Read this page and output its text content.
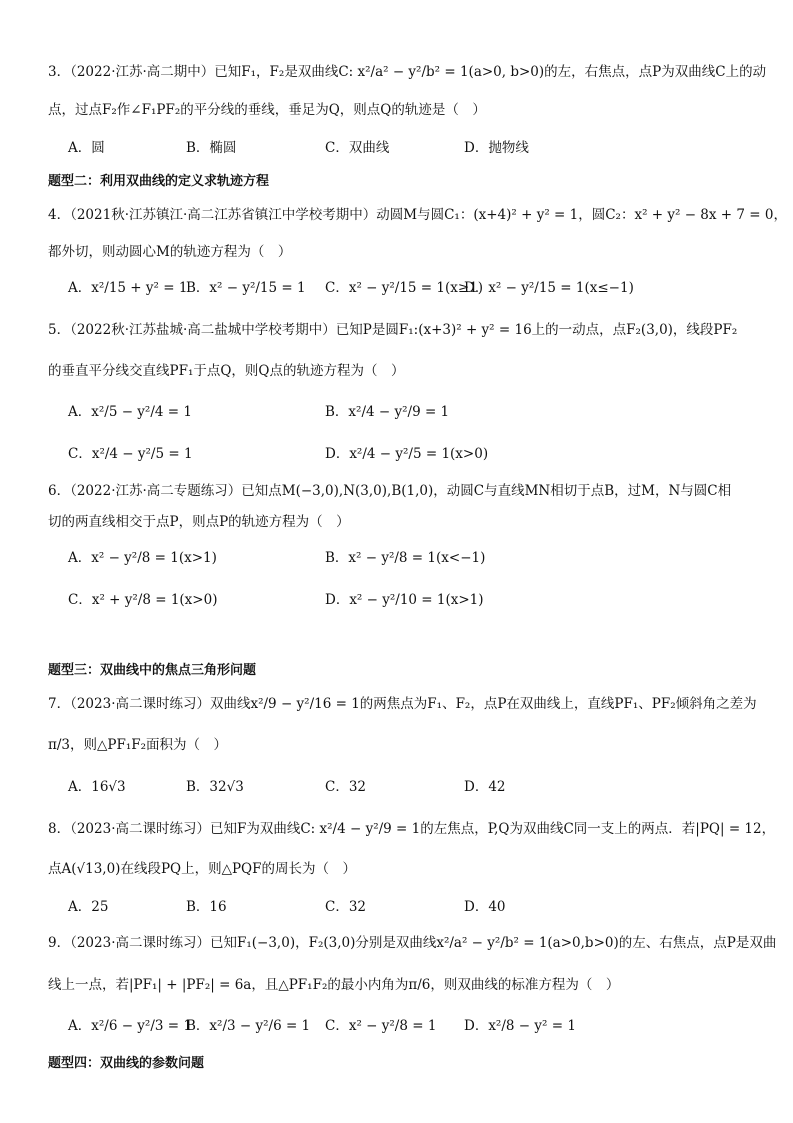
3．（2022·江苏·高二期中）已知F₁，F₂是双曲线C: x²/a² − y²/b² = 1(a>0, b>0)的左，右焦点，点P为双曲线C上的动
点，过点F₂作∠F₁PF₂的平分线的垂线，垂足为Q，则点Q的轨迹是（　）
A．圆	B．椭圆	C．双曲线	D．抛物线
题型二：利用双曲线的定义求轨迹方程
4．（2021秋·江苏镇江·高二江苏省镇江中学校考期中）动圆M与圆C₁：(x+4)² + y² = 1，圆C₂：x² + y² − 8x + 7 = 0，
都外切，则动圆心M的轨迹方程为（　）
A．x²/15 + y² = 1
B．x² − y²/15 = 1 C．x² − y²/15 = 1(x≥1)
D．x² − y²/15 = 1(x≤−1)
5．（2022秋·江苏盐城·高二盐城中学校考期中）已知P是圆F₁:(x+3)² + y² = 16上的一动点，点F₂(3,0)，线段PF₂
的垂直平分线交直线PF₁于点Q，则Q点的轨迹方程为（　）
A．x²/5 − y²/4 = 1	B．x²/4 − y²/9 = 1
C．x²/4 − y²/5 = 1	D．x²/4 − y²/5 = 1(x>0)
6．（2022·江苏·高二专题练习）已知点M(−3,0),N(3,0),B(1,0)，动圆C与直线MN相切于点B，过M，N与圆C相
切的两直线相交于点P，则点P的轨迹方程为（　）
A．x² − y²/8 = 1(x>1)	B．x² − y²/8 = 1(x<−1)
C．x² + y²/8 = 1(x>0)	D．x² − y²/10 = 1(x>1)
题型三：双曲线中的焦点三角形问题
7．（2023·高二课时练习）双曲线x²/9 − y²/16 = 1的两焦点为F₁、F₂，点P在双曲线上，直线PF₁、PF₂倾斜角之差为
π/3，则△PF₁F₂面积为（　）
A．16√3	B．32√3	C．32	D．42
8．（2023·高二课时练习）已知F为双曲线C: x²/4 − y²/9 = 1的左焦点，P,Q为双曲线C同一支上的两点．若|PQ| = 12，
点A(√13,0)在线段PQ上，则△PQF的周长为（　）
A．25	B．16	C．32	D．40
9．（2023·高二课时练习）已知F₁(−3,0)，F₂(3,0)分别是双曲线x²/a² − y²/b² = 1(a>0,b>0)的左、右焦点，点P是双曲
线上一点，若|PF₁| + |PF₂| = 6a，且△PF₁F₂的最小内角为π/6，则双曲线的标准方程为（　）
A．x²/6 − y²/3 = 1
B．x²/3 − y²/6 = 1 C．x² − y²/8 = 1 D．x²/8 − y² = 1
题型四：双曲线的参数问题
